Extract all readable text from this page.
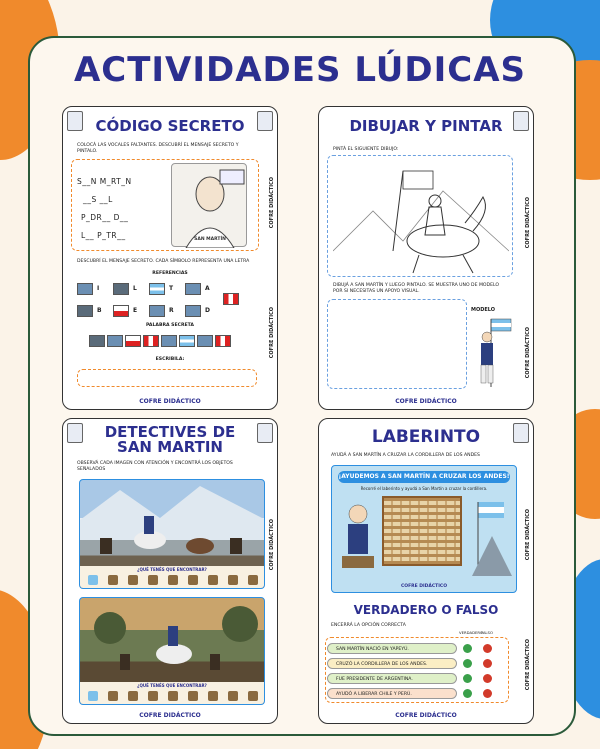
ACTIVIDADES LÚDICAS
CÓDIGO SECRETO
COLOCÁ LAS VOCALES FALTANTES. DESCUBRÍ EL MENSAJE SECRETO Y PINTALO.
S__N M_RT_N
__S __L
P_DR__ D__
L__ P_TR__	SAN MARTÍN
COFRE DIDÁCTICO
DESCUBRÍ EL MENSAJE SECRETO. CADA SÍMBOLO REPRESENTA UNA LETRA
REFERENCIAS
I	L	T	A
B	E	R	D
PALABRA SECRETA
ESCRIBILA:
COFRE DIDÁCTICO
COFRE DIDÁCTICO
DIBUJAR Y PINTAR
PINTÁ EL SIGUIENTE DIBUJO:
DIBUJÁ A SAN MARTÍN Y LUEGO PINTALO. SE MUESTRA UNO DE MODELO POR SI NECESITAS UN APOYO VISUAL.
MODELO
COFRE DIDÁCTICO
COFRE DIDÁCTICO
COFRE DIDÁCTICO
DETECTIVES DE
SAN MARTIN
OBSERVÁ CADA IMAGEN CON ATENCIÓN Y ENCONTRÁ LOS OBJETOS SEÑALADOS
¿QUÉ TENÉS QUE ENCONTRAR?
¿QUÉ TENÉS QUE ENCONTRAR?
COFRE DIDÁCTICO
COFRE DIDÁCTICO
LABERINTO
AYUDÁ A SAN MARTÍN A CRUZAR LA CORDILLERA DE LOS ANDES
¡AYUDEMOS A SAN MARTÍN A CRUZAR LOS ANDES!
Recorré el laberinto y ayudá a San Martín a cruzar la cordillera.
COFRE DIDÁCTICO
COFRE DIDÁCTICO
VERDADERO O FALSO
ENCERRÁ LA OPCIÓN CORRECTA
VERDADERO
FALSO
SAN MARTÍN NACIÓ EN YAPEYÚ.
CRUZÓ LA CORDILLERA DE LOS ANDES.
FUE PRESIDENTE DE ARGENTINA.
AYUDÓ A LIBERAR CHILE Y PERÚ.
COFRE DIDÁCTICO
COFRE DIDÁCTICO
